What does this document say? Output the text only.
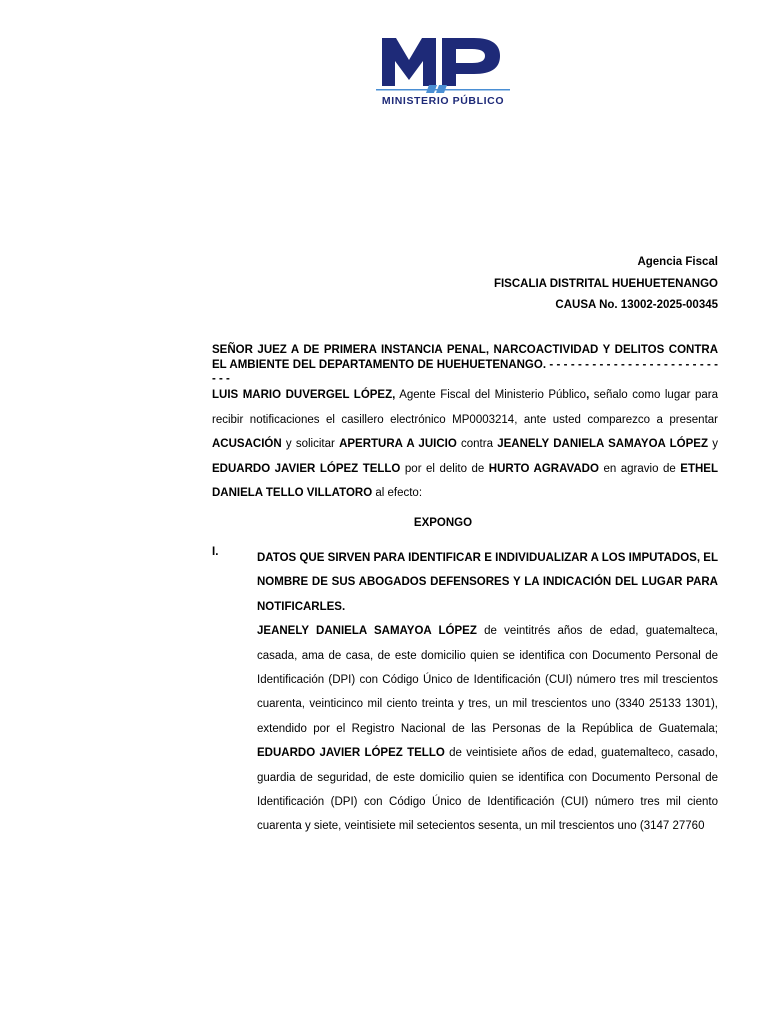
MINISTERIO PÚBLICO
Agencia Fiscal
FISCALIA DISTRITAL HUEHUETENANGO
CAUSA No. 13002-2025-00345
SEÑOR JUEZ A DE PRIMERA INSTANCIA PENAL, NARCOACTIVIDAD Y DELITOS CONTRA EL AMBIENTE DEL DEPARTAMENTO DE HUEHUETENANGO. - - - - - - - - - - - - - - - - - - - - - - - - - - -
LUIS MARIO DUVERGEL LÓPEZ, Agente Fiscal del Ministerio Público, señalo como lugar para recibir notificaciones el casillero electrónico MP0003214, ante usted comparezco a presentar ACUSACIÓN y solicitar APERTURA A JUICIO contra JEANELY DANIELA SAMAYOA LÓPEZ y EDUARDO JAVIER LÓPEZ TELLO por el delito de HURTO AGRAVADO en agravio de ETHEL DANIELA TELLO VILLATORO al efecto:
EXPONGO
I.	DATOS QUE SIRVEN PARA IDENTIFICAR E INDIVIDUALIZAR A LOS IMPUTADOS, EL NOMBRE DE SUS ABOGADOS DEFENSORES Y LA INDICACIÓN DEL LUGAR PARA NOTIFICARLES.
JEANELY DANIELA SAMAYOA LÓPEZ de veintitrés años de edad, guatemalteca, casada, ama de casa, de este domicilio quien se identifica con Documento Personal de Identificación (DPI) con Código Único de Identificación (CUI) número tres mil trescientos cuarenta, veinticinco mil ciento treinta y tres, un mil trescientos uno (3340 25133 1301), extendido por el Registro Nacional de las Personas de la República de Guatemala; EDUARDO JAVIER LÓPEZ TELLO de veintisiete años de edad, guatemalteco, casado, guardia de seguridad, de este domicilio quien se identifica con Documento Personal de Identificación (DPI) con Código Único de Identificación (CUI) número tres mil ciento cuarenta y siete, veintisiete mil setecientos sesenta, un mil trescientos uno (3147 27760
